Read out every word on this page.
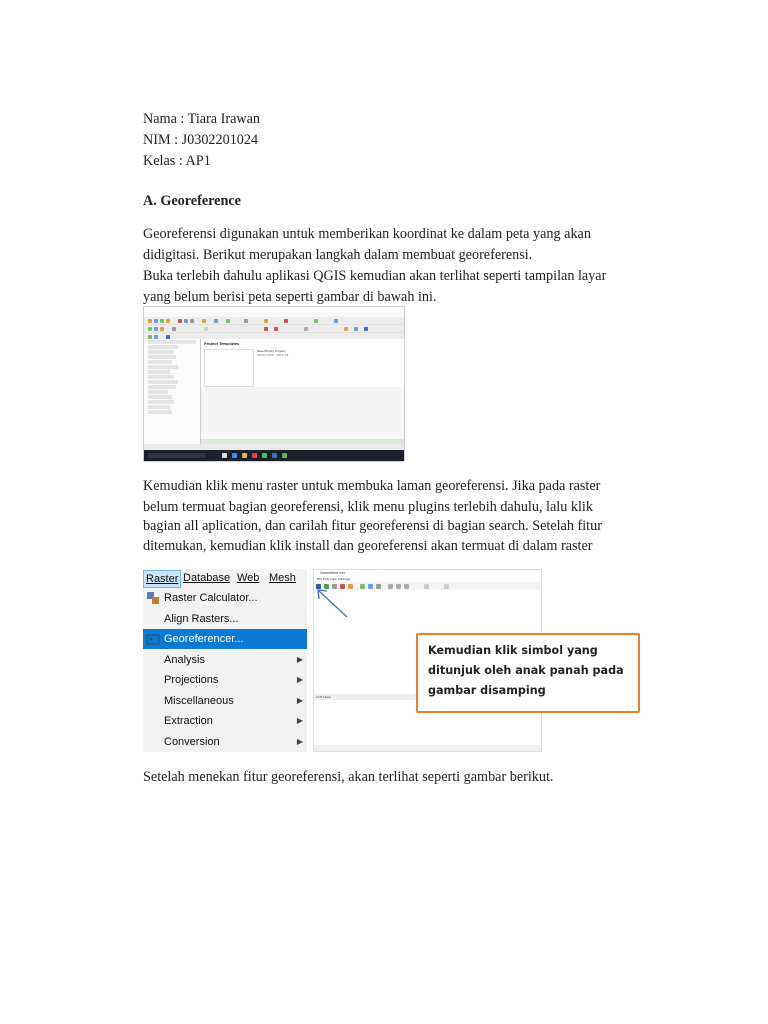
Nama : Tiara Irawan
NIM : J0302201024
Kelas : AP1
A. Georeference
Georeferensi digunakan untuk memberikan koordinat ke dalam peta yang akan
didigitasi. Berikut merupakan langkah dalam membuat georeferensi.
Buka terlebih dahulu aplikasi QGIS kemudian akan terlihat seperti tampilan layar
yang belum berisi peta seperti gambar di bawah ini.
Project Templates
New Empty Project
EPSG:4326 - WGS 84
Kemudian klik menu raster untuk membuka laman georeferensi. Jika pada raster
belum termuat bagian georeferensi, klik menu plugins terlebih dahulu, lalu klik
bagian all aplication, dan carilah fitur georeferensi di bagian search. Setelah fitur
ditemukan, kemudian klik install dan georeferensi akan termuat di dalam raster
Raster Database Web Mesh
Raster Calculator...
Align Rasters...
Georeferencer...
Analysis	▶
Projections	▶
Miscellaneous	▶
Extraction	▶
Conversion	▶
Georeferencer
File Edit View Settings
GCP table
Kemudian klik simbol yang ditunjuk oleh anak panah pada gambar disamping
Setelah menekan fitur georeferensi, akan terlihat seperti gambar berikut.
